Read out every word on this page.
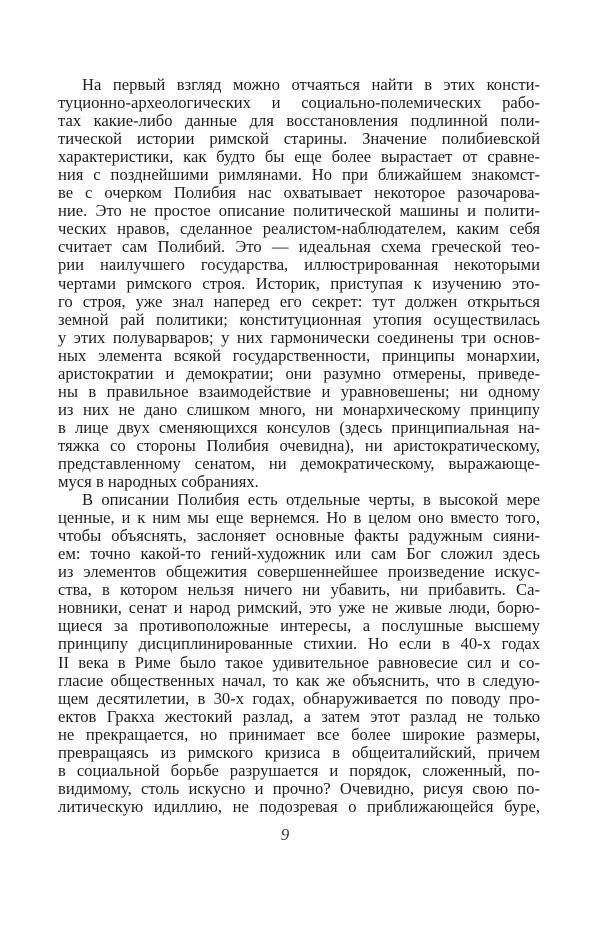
На первый взгляд можно отчаяться найти в этих консти-
туционно-археологических и социально-полемических рабо-
тах какие-либо данные для восстановления подлинной поли-
тической истории римской старины. Значение полибиевской
характеристики, как будто бы еще более вырастает от сравне-
ния с позднейшими римлянами. Но при ближайшем знакомст-
ве с очерком Полибия нас охватывает некоторое разочарова-
ние. Это не простое описание политической машины и полити-
ческих нравов, сделанное реалистом-наблюдателем, каким себя
считает сам Полибий. Это — идеальная схема греческой тео-
рии наилучшего государства, иллюстрированная некоторыми
чертами римского строя. Историк, приступая к изучению это-
го строя, уже знал наперед его секрет: тут должен открыться
земной рай политики; конституционная утопия осуществилась
у этих полуварваров; у них гармонически соединены три основ-
ных элемента всякой государственности, принципы монархии,
аристократии и демократии; они разумно отмерены, приведе-
ны в правильное взаимодействие и уравновешены; ни одному
из них не дано слишком много, ни монархическому принципу
в лице двух сменяющихся консулов (здесь принципиальная на-
тяжка со стороны Полибия очевидна), ни аристократическому,
представленному сенатом, ни демократическому, выражающе-
муся в народных собраниях.
В описании Полибия есть отдельные черты, в высокой мере
ценные, и к ним мы еще вернемся. Но в целом оно вместо того,
чтобы объяснять, заслоняет основные факты радужным сияни-
ем: точно какой-то гений-художник или сам Бог сложил здесь
из элементов общежития совершеннейшее произведение искус-
ства, в котором нельзя ничего ни убавить, ни прибавить. Са-
новники, сенат и народ римский, это уже не живые люди, борю-
щиеся за противоположные интересы, а послушные высшему
принципу дисциплинированные стихии. Но если в 40-х годах
II века в Риме было такое удивительное равновесие сил и со-
гласие общественных начал, то как же объяснить, что в следую-
щем десятилетии, в 30-х годах, обнаруживается по поводу про-
ектов Гракха жестокий разлад, а затем этот разлад не только
не прекращается, но принимает все более широкие размеры,
превращаясь из римского кризиса в общеиталийский, причем
в социальной борьбе разрушается и порядок, сложенный, по-
видимому, столь искусно и прочно? Очевидно, рисуя свою по-
литическую идиллию, не подозревая о приближающейся буре,
9
